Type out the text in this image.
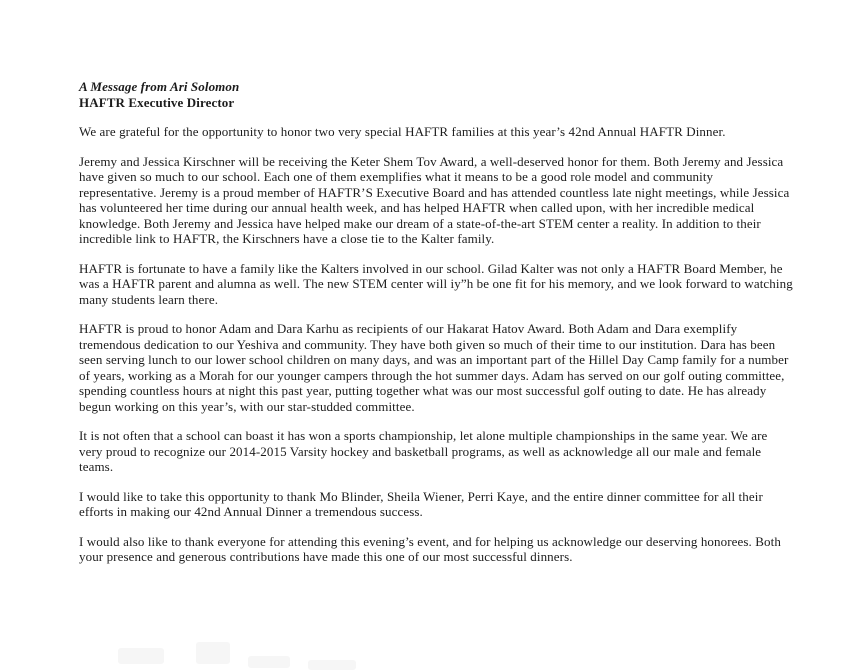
A Message from Ari Solomon
HAFTR Executive Director

We are grateful for the opportunity to honor two very special HAFTR families at this year’s 42nd Annual HAFTR Dinner.

Jeremy and Jessica Kirschner will be receiving the Keter Shem Tov Award, a well-deserved honor for them. Both Jeremy and Jessica have given so much to our school. Each one of them exemplifies what it means to be a good role model and community representative. Jeremy is a proud member of HAFTR’S Executive Board and has attended countless late night meetings, while Jessica has volunteered her time during our annual health week, and has helped HAFTR when called upon, with her incredible medical knowledge. Both Jeremy and Jessica have helped make our dream of a state-of-the-art STEM center a reality. In addition to their incredible link to HAFTR, the Kirschners have a close tie to the Kalter family.

HAFTR is fortunate to have a family like the Kalters involved in our school. Gilad Kalter was not only a HAFTR Board Member, he was a HAFTR parent and alumna as well. The new STEM center will iy”h be one fit for his memory, and we look forward to watching many students learn there.

HAFTR is proud to honor Adam and Dara Karhu as recipients of our Hakarat Hatov Award. Both Adam and Dara exemplify tremendous dedication to our Yeshiva and community. They have both given so much of their time to our institution. Dara has been seen serving lunch to our lower school children on many days, and was an important part of the Hillel Day Camp family for a number of years, working as a Morah for our younger campers through the hot summer days. Adam has served on our golf outing committee, spending countless hours at night this past year, putting together what was our most successful golf outing to date. He has already begun working on this year’s, with our star-studded committee.

It is not often that a school can boast it has won a sports championship, let alone multiple championships in the same year. We are very proud to recognize our 2014-2015 Varsity hockey and basketball programs, as well as acknowledge all our male and female teams.

I would like to take this opportunity to thank Mo Blinder, Sheila Wiener, Perri Kaye, and the entire dinner committee for all their efforts in making our 42nd Annual Dinner a tremendous success.

I would also like to thank everyone for attending this evening’s event, and for helping us acknowledge our deserving honorees. Both your presence and generous contributions have made this one of our most successful dinners.
